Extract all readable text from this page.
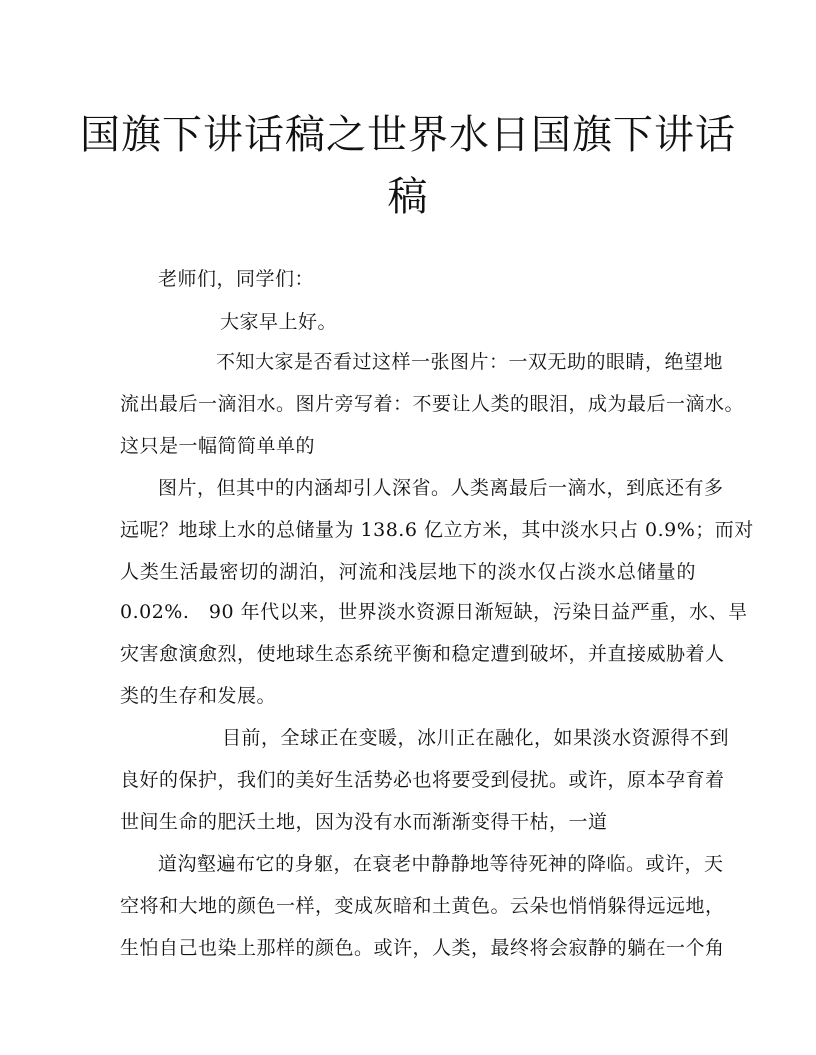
国旗下讲话稿之世界水日国旗下讲话
稿
老师们，同学们：
大家早上好。
不知大家是否看过这样一张图片：一双无助的眼睛，绝望地
流出最后一滴泪水。图片旁写着：不要让人类的眼泪，成为最后一滴水。
这只是一幅简简单单的
图片，但其中的内涵却引人深省。人类离最后一滴水，到底还有多
远呢？地球上水的总储量为 138.6 亿立方米，其中淡水只占 0.9%；而对
人类生活最密切的湖泊，河流和浅层地下的淡水仅占淡水总储量的
0.02%.　90 年代以来，世界淡水资源日渐短缺，污染日益严重，水、旱
灾害愈演愈烈，使地球生态系统平衡和稳定遭到破坏，并直接威胁着人
类的生存和发展。
目前，全球正在变暖，冰川正在融化，如果淡水资源得不到
良好的保护，我们的美好生活势必也将要受到侵扰。或许，原本孕育着
世间生命的肥沃土地，因为没有水而渐渐变得干枯，一道
道沟壑遍布它的身躯，在衰老中静静地等待死神的降临。或许，天
空将和大地的颜色一样，变成灰暗和土黄色。云朵也悄悄躲得远远地，
生怕自己也染上那样的颜色。或许，人类，最终将会寂静的躺在一个角
